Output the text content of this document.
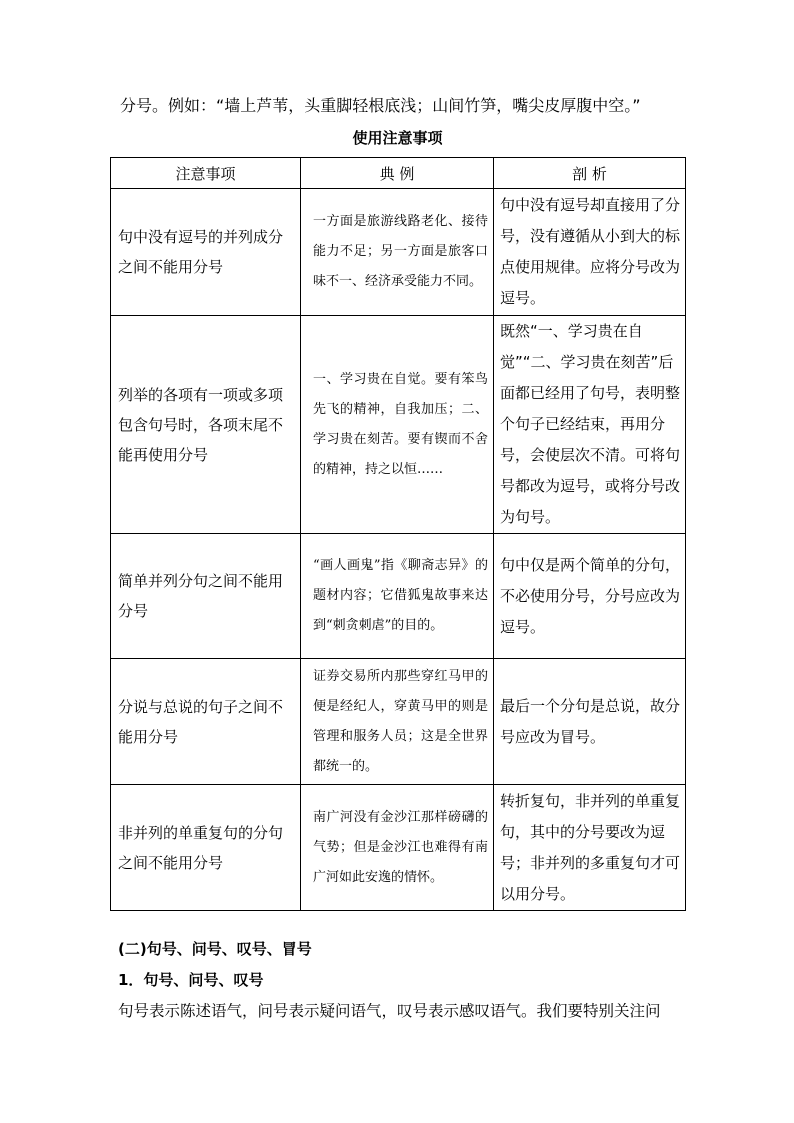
分号。例如：“墙上芦苇，头重脚轻根底浅；山间竹笋，嘴尖皮厚腹中空。”
使用注意事项
注意事项	典 例	剖 析
句中没有逗号的并列成分之间不能用分号	一方面是旅游线路老化、接待能力不足；另一方面是旅客口味不一、经济承受能力不同。	句中没有逗号却直接用了分号，没有遵循从小到大的标点使用规律。应将分号改为逗号。
列举的各项有一项或多项包含句号时，各项末尾不能再使用分号	一、学习贵在自觉。要有笨鸟先飞的精神，自我加压；二、学习贵在刻苦。要有锲而不舍的精神，持之以恒……	既然“一、学习贵在自觉”“二、学习贵在刻苦”后面都已经用了句号，表明整个句子已经结束，再用分号，会使层次不清。可将句号都改为逗号，或将分号改为句号。
简单并列分句之间不能用分号	“画人画鬼”指《聊斋志异》的题材内容；它借狐鬼故事来达到“刺贪刺虐”的目的。	句中仅是两个简单的分句，不必使用分号，分号应改为逗号。
分说与总说的句子之间不能用分号	证券交易所内那些穿红马甲的便是经纪人，穿黄马甲的则是管理和服务人员；这是全世界都统一的。	最后一个分句是总说，故分号应改为冒号。
非并列的单重复句的分句之间不能用分号	南广河没有金沙江那样磅礴的气势；但是金沙江也难得有南广河如此安逸的情怀。	转折复句，非并列的单重复句，其中的分号要改为逗号；非并列的多重复句才可以用分号。
(二)句号、问号、叹号、冒号
1．句号、问号、叹号
句号表示陈述语气，问号表示疑问语气，叹号表示感叹语气。我们要特别关注问
